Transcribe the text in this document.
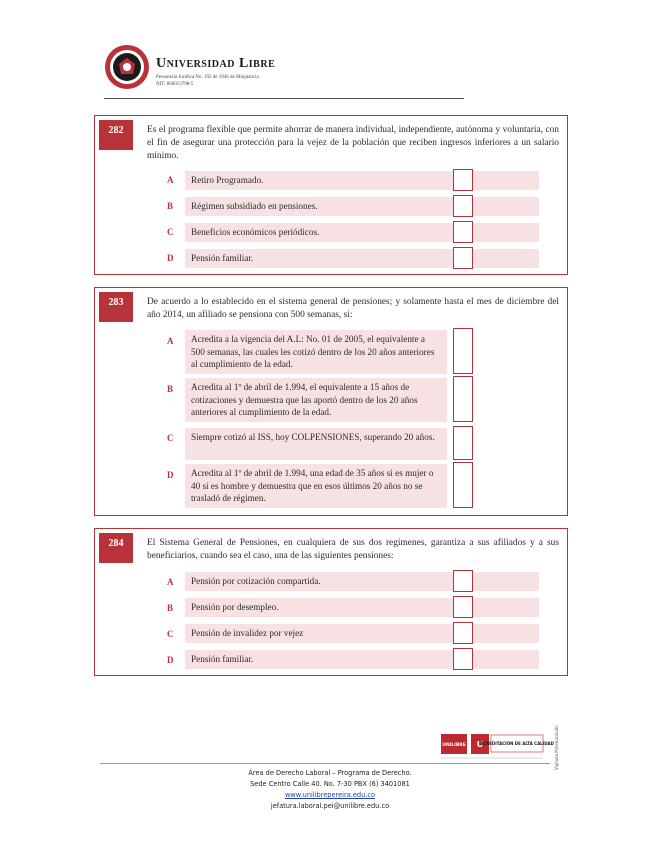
Universidad Libre
Personería Jurídica No. 192 de 1946 de Minjusticia
NIT: 860013798-5
282	Es el programa flexible que permite ahorrar de manera individual, independiente, autónoma y voluntaria, con el fin de asegurar una protección para la vejez de la población que reciben ingresos inferiores a un salario mínimo.
A	Retiro Programado.
B	Régimen subsidiado en pensiones.
C	Beneficios económicos periódicos.
D	Pensión familiar.
283	De acuerdo a lo establecido en el sistema general de pensiones; y solamente hasta el mes de diciembre del año 2014, un afiliado se pensiona con 500 semanas, si:
A	Acredita a la vigencia del A.L: No. 01 de 2005, el equivalente a 500 semanas, las cuales les cotizó dentro de los 20 años anteriores al cumplimiento de la edad.
B	Acredita al 1º de abril de 1.994, el equivalente a 15 años de cotizaciones y demuestra que las aportó dentro de los 20 años anteriores al cumplimiento de la edad.
C	Siempre cotizó al ISS, hoy COLPENSIONES, superando 20 años.
D	Acredita al 1º de abril de 1.994, una edad de 35 años si es mujer o 40 si es hombre y demuestra que en esos últimos 20 años no se trasladó de régimen.
284	El Sistema General de Pensiones, en cualquiera de sus dos regímenes, garantiza a sus afiliados y a sus beneficiarios, cuando sea el caso, una de las siguientes pensiones:
A	Pensión por cotización compartida.
B	Pensión por desempleo.
C	Pensión de invalidez por vejez
D	Pensión familiar.
UNILIBRE U
ACREDITACIÓN DE ALTA CALIDAD Vigilada Mineducación
Área de Derecho Laboral – Programa de Derecho.
Sede Centro Calle 40. No. 7-30 PBX (6) 3401081
www.unilibrepereira.edu.co
jefatura.laboral.pei@unilibre.edu.co
